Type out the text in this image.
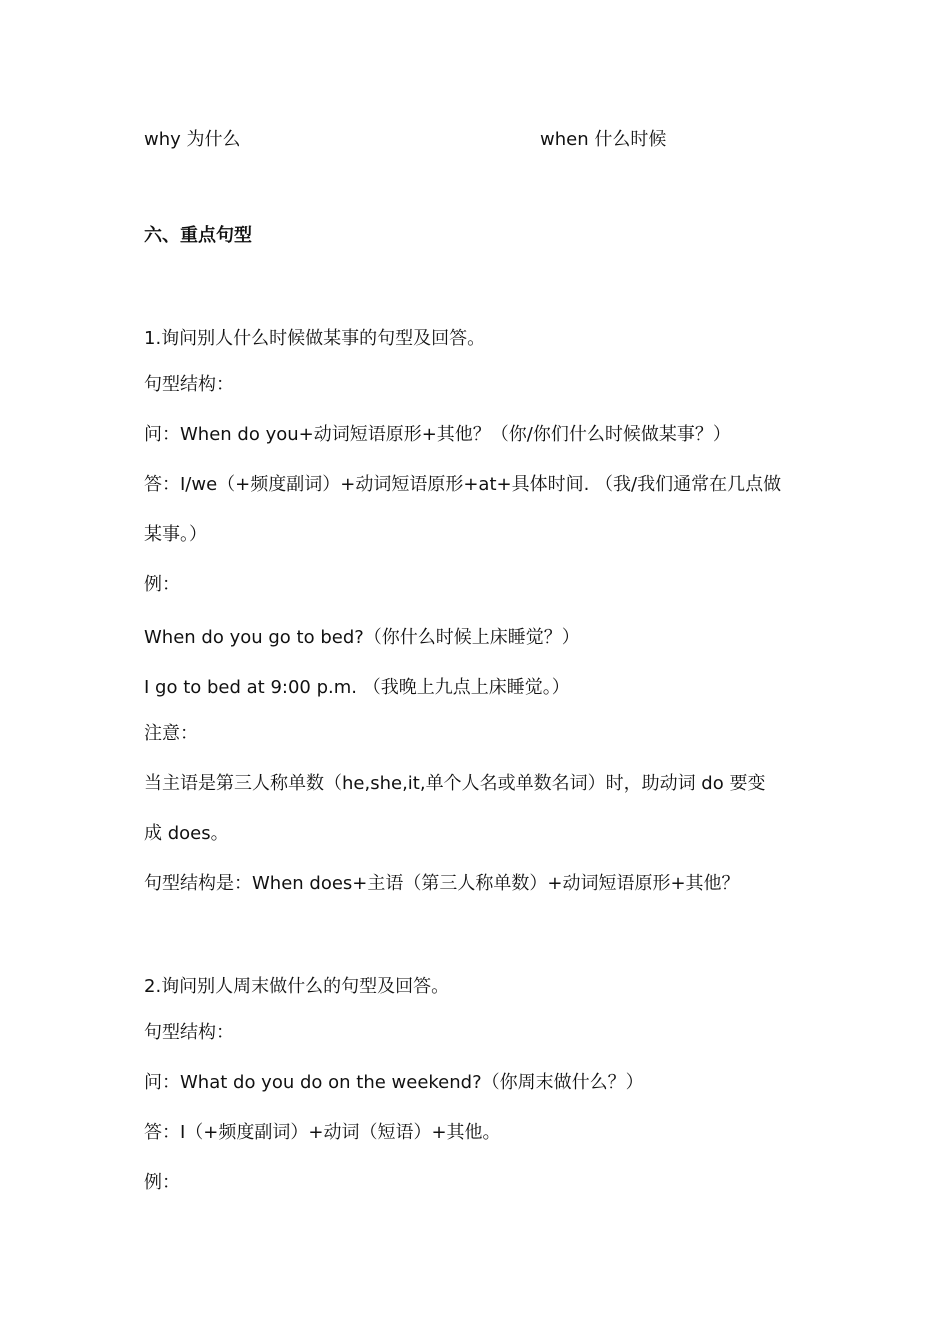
why 为什么	when 什么时候
六、重点句型
1.询问别人什么时候做某事的句型及回答。
句型结构：
问：When do you+动词短语原形+其他？（你/你们什么时候做某事？）
答：I/we（+频度副词）+动词短语原形+at+具体时间. （我/我们通常在几点做
某事。）
例：
When do you go to bed?（你什么时候上床睡觉？）
I go to bed at 9:00 p.m. （我晚上九点上床睡觉。）
注意：
当主语是第三人称单数（he,she,it,单个人名或单数名词）时，助动词 do 要变
成 does。
句型结构是：When does+主语（第三人称单数）+动词短语原形+其他？
2.询问别人周末做什么的句型及回答。
句型结构：
问：What do you do on the weekend?（你周末做什么？）
答：I（+频度副词）+动词（短语）+其他。
例：
